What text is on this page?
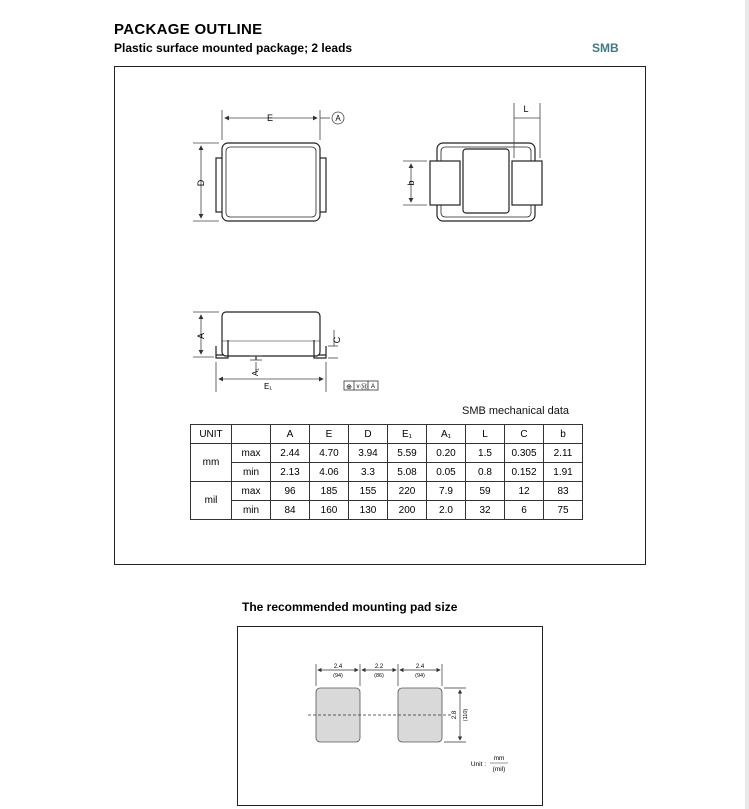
PACKAGE OUTLINE
Plastic surface mounted package; 2 leads	SMB
E	A
D
L
b
A
C
A₁
E₁	⊕ v Ⓜ A
2.4
(94)
2.2
(86)
2.4
(94)
2.8 (110)
Unit :
mm
(mil)
SMB mechanical data
UNIT		A	E	D	E₁	A₁	L	C	b
mm	max	2.44	4.70	3.94	5.59	0.20	1.5	0.305	2.11
	min	2.13	4.06	3.3	5.08	0.05	0.8	0.152	1.91
mil	max	96	185	155	220	7.9	59	12	83
	min	84	160	130	200	2.0	32	6	75
The recommended mounting pad size
